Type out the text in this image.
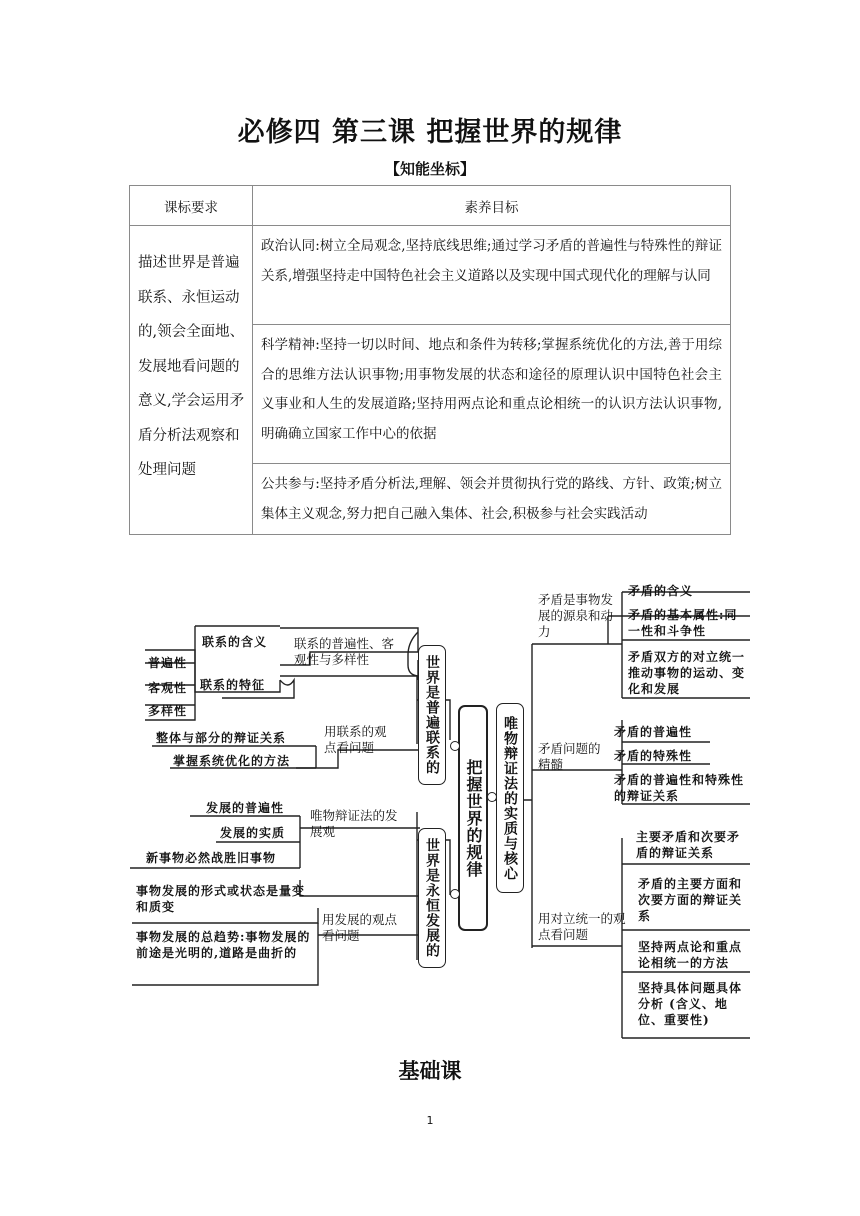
必修四 第三课 把握世界的规律
【知能坐标】
课标要求	素养目标
描述世界是普遍联系、永恒运动的,领会全面地、发展地看问题的意义,学会运用矛盾分析法观察和处理问题	政治认同:树立全局观念,坚持底线思维;通过学习矛盾的普遍性与特殊性的辩证关系,增强坚持走中国特色社会主义道路以及实现中国式现代化的理解与认同
	科学精神:坚持一切以时间、地点和条件为转移;掌握系统优化的方法,善于用综合的思维方法认识事物;用事物发展的状态和途径的原理认识中国特色社会主义事业和人生的发展道路;坚持用两点论和重点论相统一的认识方法认识事物,明确确立国家工作中心的依据
	公共参与:坚持矛盾分析法,理解、领会并贯彻执行党的路线、方针、政策;树立集体主义观念,努力把自己融入集体、社会,积极参与社会实践活动
把握世界的规律
世界是普遍联系的
世界是永恒发展的
唯物辩证法的实质与核心
联系的普遍性、客观性与多样性
联系的含义
联系的特征
普遍性
客观性
多样性
用联系的观点看问题
整体与部分的辩证关系
掌握系统优化的方法
唯物辩证法的发展观
发展的普遍性
发展的实质
新事物必然战胜旧事物
用发展的观点看问题
事物发展的形式或状态是量变和质变
事物发展的总趋势:事物发展的前途是光明的,道路是曲折的
矛盾是事物发展的源泉和动力
矛盾的含义
矛盾的基本属性:同一性和斗争性
矛盾双方的对立统一推动事物的运动、变化和发展
矛盾问题的精髓
矛盾的普遍性
矛盾的特殊性
矛盾的普遍性和特殊性的辩证关系
用对立统一的观点看问题
主要矛盾和次要矛盾的辩证关系
矛盾的主要方面和次要方面的辩证关系
坚持两点论和重点论相统一的方法
坚持具体问题具体分析 (含义、地位、重要性)
基础课
1
